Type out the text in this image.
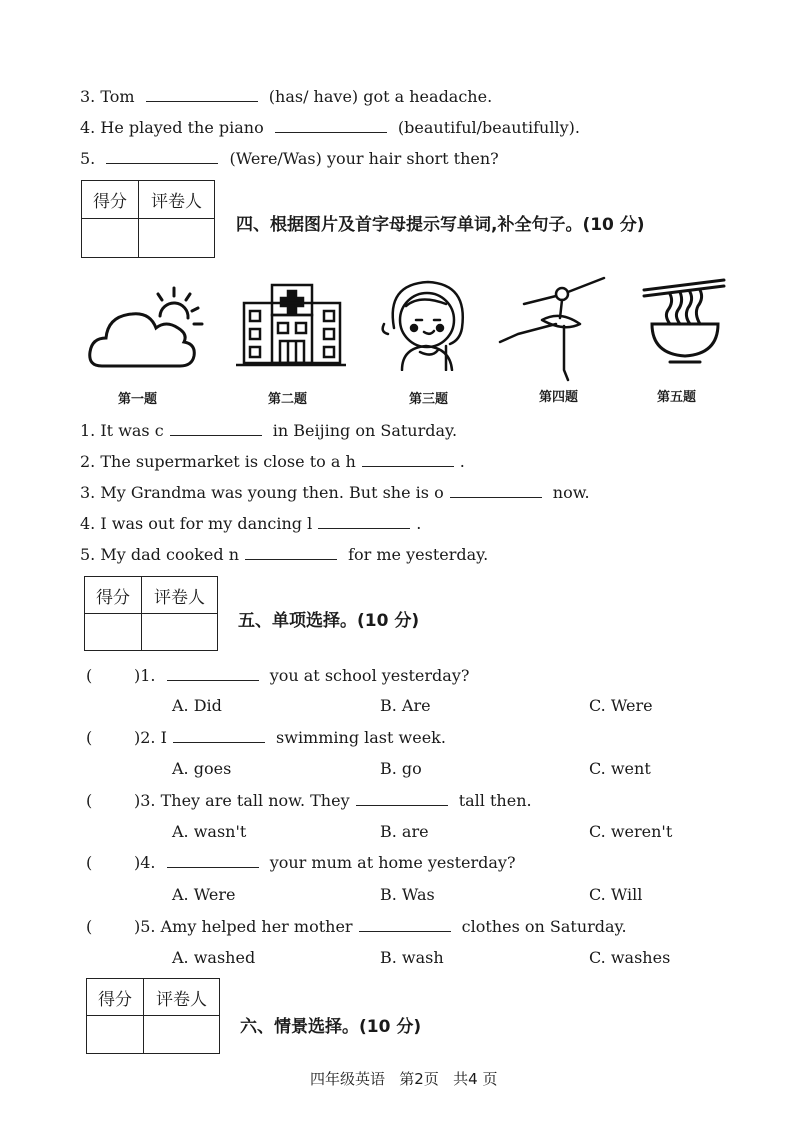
3. Tom	(has/ have) got a headache.
4. He played the piano	(beautiful/beautifully).
5.	(Were/Was) your hair short then?
得分	评卷人

四、根据图片及首字母提示写单词,补全句子。(10 分)
第一题	第二题	第三题	第四题	第五题
1. It was c	in Beijing on Saturday.
2. The supermarket is close to a h	.
3. My Grandma was young then. But she is o	now.
4. I was out for my dancing l	.
5. My dad cooked n	for me yesterday.
得分	评卷人

五、单项选择。(10 分)
(	)1.	you at school yesterday?
A. Did	B. Are	C. Were
(	)2. I	swimming last week.
A. goes	B. go	C. went
(	)3. They are tall now. They	tall then.
A. wasn't	B. are	C. weren't
(	)4.	your mum at home yesterday?
A. Were	B. Was	C. Will
(	)5. Amy helped her mother	clothes on Saturday.
A. washed	B. wash	C. washes
得分	评卷人

六、情景选择。(10 分)
四年级英语   第2页   共4 页
